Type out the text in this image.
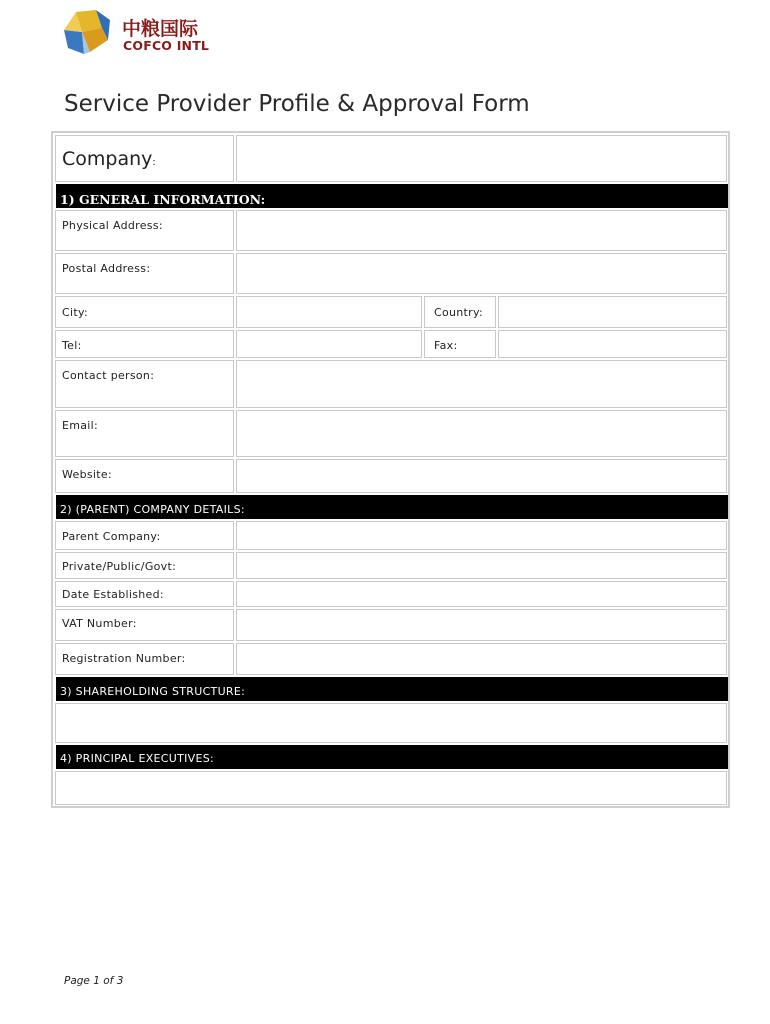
中粮国际
COFCO INTL
Service Provider Profile & Approval Form
Company:
1) GENERAL INFORMATION:
Physical Address:
Postal Address:
City:	Country:
Tel:	Fax:
Contact person:
Email:
Website:
2) (PARENT) COMPANY DETAILS:
Parent Company:
Private/Public/Govt:
Date Established:
VAT Number:
Registration Number:
3) SHAREHOLDING STRUCTURE:
4) PRINCIPAL EXECUTIVES:
Page 1 of 3
